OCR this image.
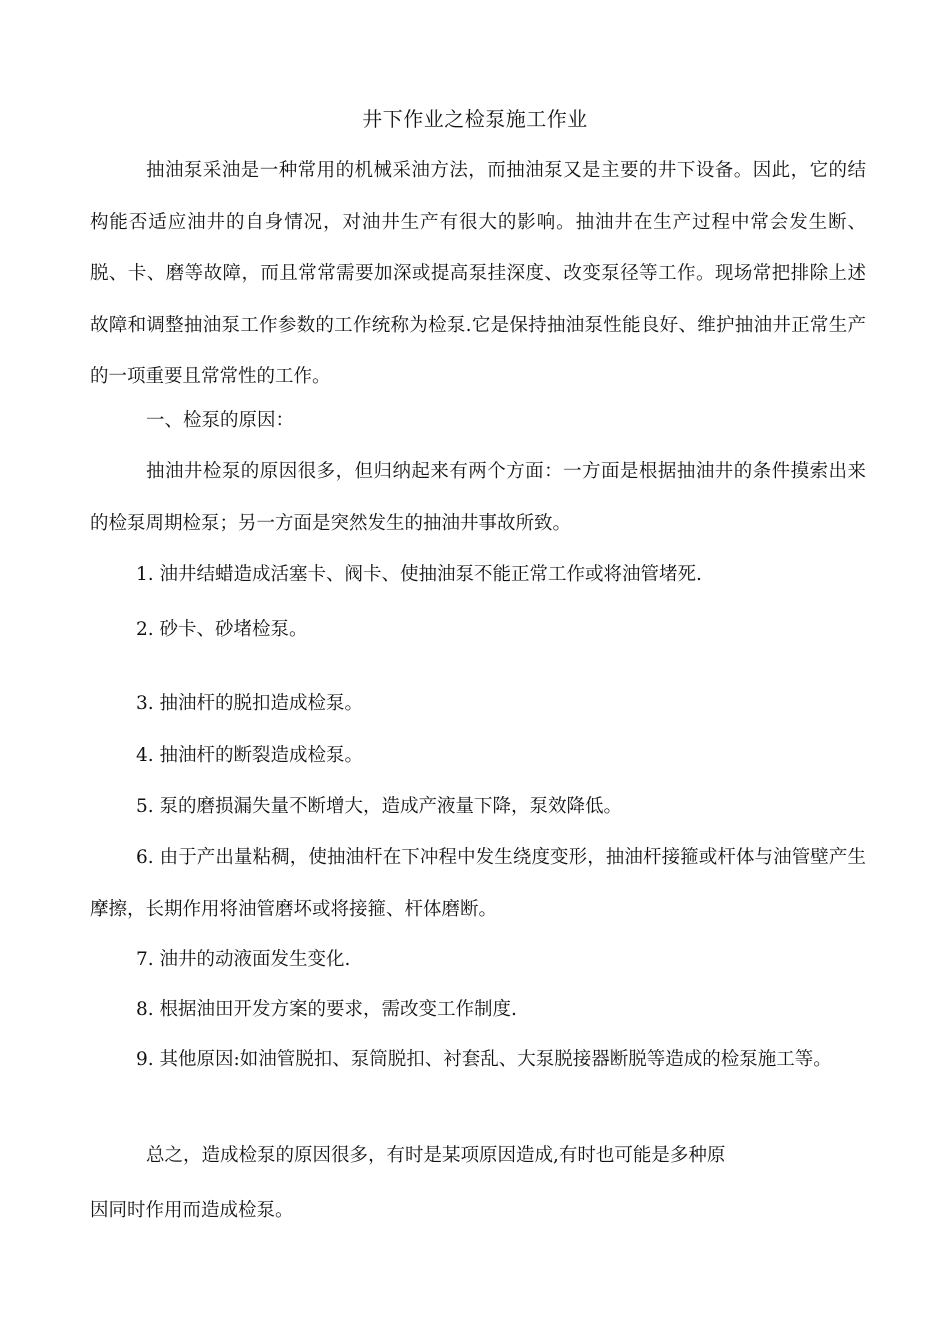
井下作业之检泵施工作业
抽油泵采油是一种常用的机械采油方法，而抽油泵又是主要的井下设备。因此，它的结构能否适应油井的自身情况，对油井生产有很大的影响。抽油井在生产过程中常会发生断、脱、卡、磨等故障，而且常常需要加深或提高泵挂深度、改变泵径等工作。现场常把排除上述故障和调整抽油泵工作参数的工作统称为检泵.它是保持抽油泵性能良好、维护抽油井正常生产的一项重要且常常性的工作。
一、检泵的原因：
抽油井检泵的原因很多，但归纳起来有两个方面：一方面是根据抽油井的条件摸索出来的检泵周期检泵；另一方面是突然发生的抽油井事故所致。
1. 油井结蜡造成活塞卡、阀卡、使抽油泵不能正常工作或将油管堵死.
2. 砂卡、砂堵检泵。
3. 抽油杆的脱扣造成检泵。
4. 抽油杆的断裂造成检泵。
5. 泵的磨损漏失量不断增大，造成产液量下降，泵效降低。
6. 由于产出量粘稠，使抽油杆在下冲程中发生绕度变形，抽油杆接箍或杆体与油管壁产生摩擦，长期作用将油管磨坏或将接箍、杆体磨断。
7. 油井的动液面发生变化.
8. 根据油田开发方案的要求，需改变工作制度.
9. 其他原因:如油管脱扣、泵筒脱扣、衬套乱、大泵脱接器断脱等造成的检泵施工等。
总之，造成检泵的原因很多，有时是某项原因造成,有时也可能是多种原
因同时作用而造成检泵。
